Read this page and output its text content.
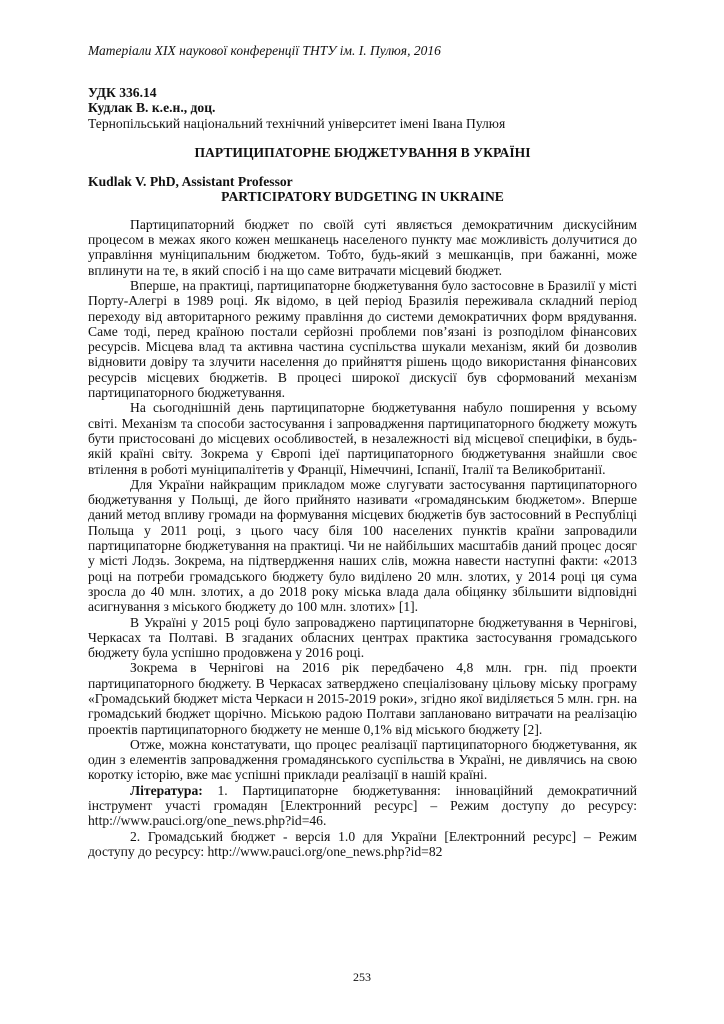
Матеріали XIX наукової конференції ТНТУ ім. І. Пулюя, 2016
УДК 336.14
Кудлак В. к.е.н., доц.
Тернопільський національний технічний університет імені Івана Пулюя
ПАРТИЦИПАТОРНЕ БЮДЖЕТУВАННЯ В УКРАЇНІ
Kudlak V. PhD, Assistant Professor
PARTICIPATORY BUDGETING IN UKRAINE

Партиципаторний бюджет по своїй суті являється демократичним дискусійним процесом в межах якого кожен мешканець населеного пункту має можливість долучитися до управління муніципальним бюджетом. Тобто, будь-який з мешканців, при бажанні, може вплинути на те, в який спосіб і на що саме витрачати місцевий бюджет.

Вперше, на практиці, партиципаторне бюджетування було застосовне в Бразилії у місті Порту-Алегрі в 1989 році. Як відомо, в цей період Бразилія переживала складний період переходу від авторитарного режиму правління до системи демократичних форм врядування. Саме тоді, перед країною постали серйозні проблеми пов’язані із розподілом фінансових ресурсів. Місцева влад та активна частина суспільства шукали механізм, який би дозволив відновити довіру та злучити населення до прийняття рішень щодо використання фінансових ресурсів місцевих бюджетів. В процесі широкої дискусії був сформований механізм партиципаторного бюджетування.

На сьогоднішній день партиципаторне бюджетування набуло поширення у всьому світі. Механізм та способи застосування і запровадження партиципаторного бюджету можуть бути пристосовані до місцевих особливостей, в незалежності від місцевої специфіки, в будь-якій країні світу. Зокрема у Європі ідеї партиципаторного бюджетування знайшли своє втілення в роботі муніципалітетів у Франції, Німеччині, Іспанії, Італії та Великобританії.

Для України найкращим прикладом може слугувати застосування партиципаторного бюджетування у Польщі, де його прийнято називати «громадянським бюджетом». Вперше даний метод впливу громади на формування місцевих бюджетів був застосовний в Республіці Польща у 2011 році, з цього часу біля 100 населених пунктів країни запровадили партиципаторне бюджетування на практиці. Чи не найбільших масштабів даний процес досяг у місті Лодзь. Зокрема, на підтвердження наших слів, можна навести наступні факти: «2013 році на потреби громадського бюджету було виділено 20 млн. злотих, у 2014 році ця сума зросла до 40 млн. злотих, а до 2018 року міська влада дала обіцянку збільшити відповідні асигнування з міського бюджету до 100 млн. злотих» [1].

В Україні у 2015 році було запроваджено партиципаторне бюджетування в Чернігові, Черкасах та Полтаві. В згаданих обласних центрах практика застосування громадського бюджету була успішно продовжена у 2016 році.

Зокрема в Чернігові на 2016 рік передбачено 4,8 млн. грн. під проекти партиципаторного бюджету. В Черкасах затверджено спеціалізовану цільову міську програму «Громадський бюджет міста Черкаси н 2015-2019 роки», згідно якої виділяється 5 млн. грн. на громадський бюджет щорічно. Міською радою Полтави заплановано витрачати на реалізацію проектів партиципаторного бюджету не менше 0,1% від міського бюджету [2].

Отже, можна констатувати, що процес реалізації партиципаторного бюджетування, як один з елементів запровадження громадянського суспільства в Україні, не дивлячись на свою коротку історію, вже має успішні приклади реалізації в нашій країні.

Література: 1. Партиципаторне бюджетування: інноваційний демократичний інструмент участі громадян [Електронний ресурс] – Режим доступу до ресурсу: http://www.pauci.org/one_news.php?id=46.

2. Громадський бюджет - версія 1.0 для України [Електронний ресурс] – Режим доступу до ресурсу: http://www.pauci.org/one_news.php?id=82

253
